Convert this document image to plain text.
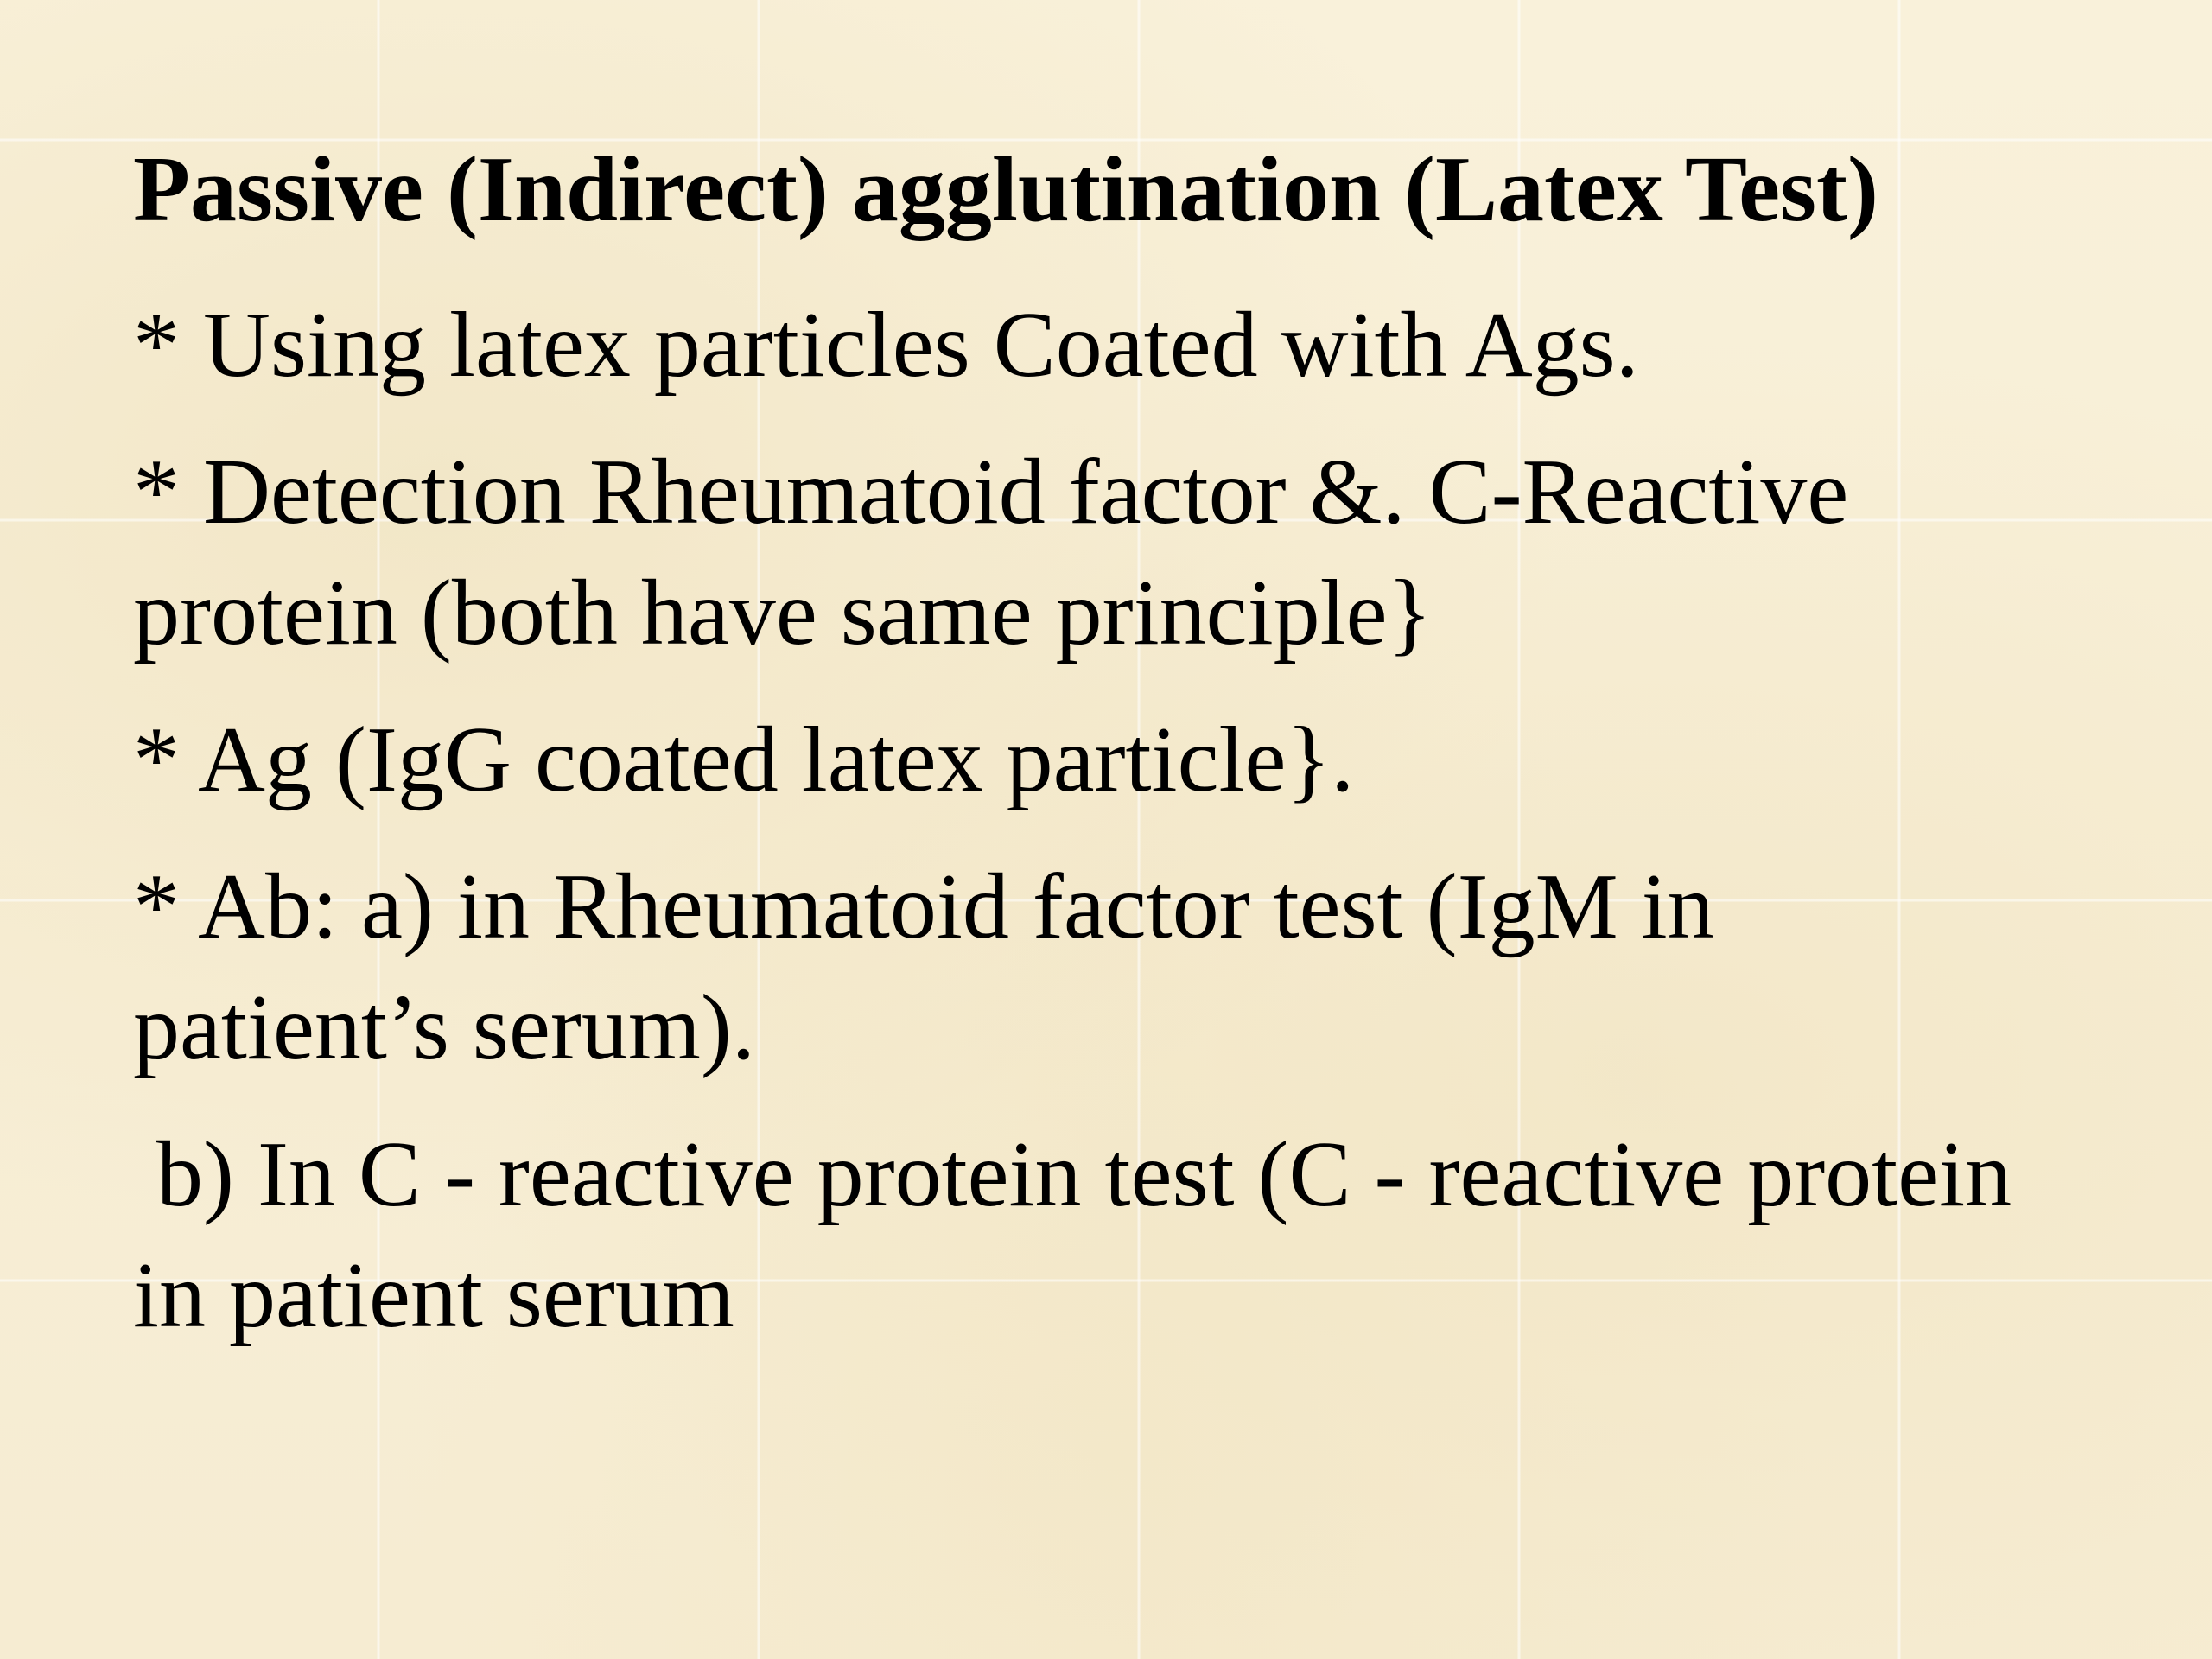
Passive (Indirect) agglutination (Latex Test)

* Using latex particles Coated with Ags.

* Detection Rheumatoid factor &. C-Reactive
protein (both have same principle}

* Ag (IgG coated latex particle}.

* Ab: a) in Rheumatoid factor test (IgM in
patient’s serum).

b) In C - reactive protein test (C - reactive protein
in patient serum
